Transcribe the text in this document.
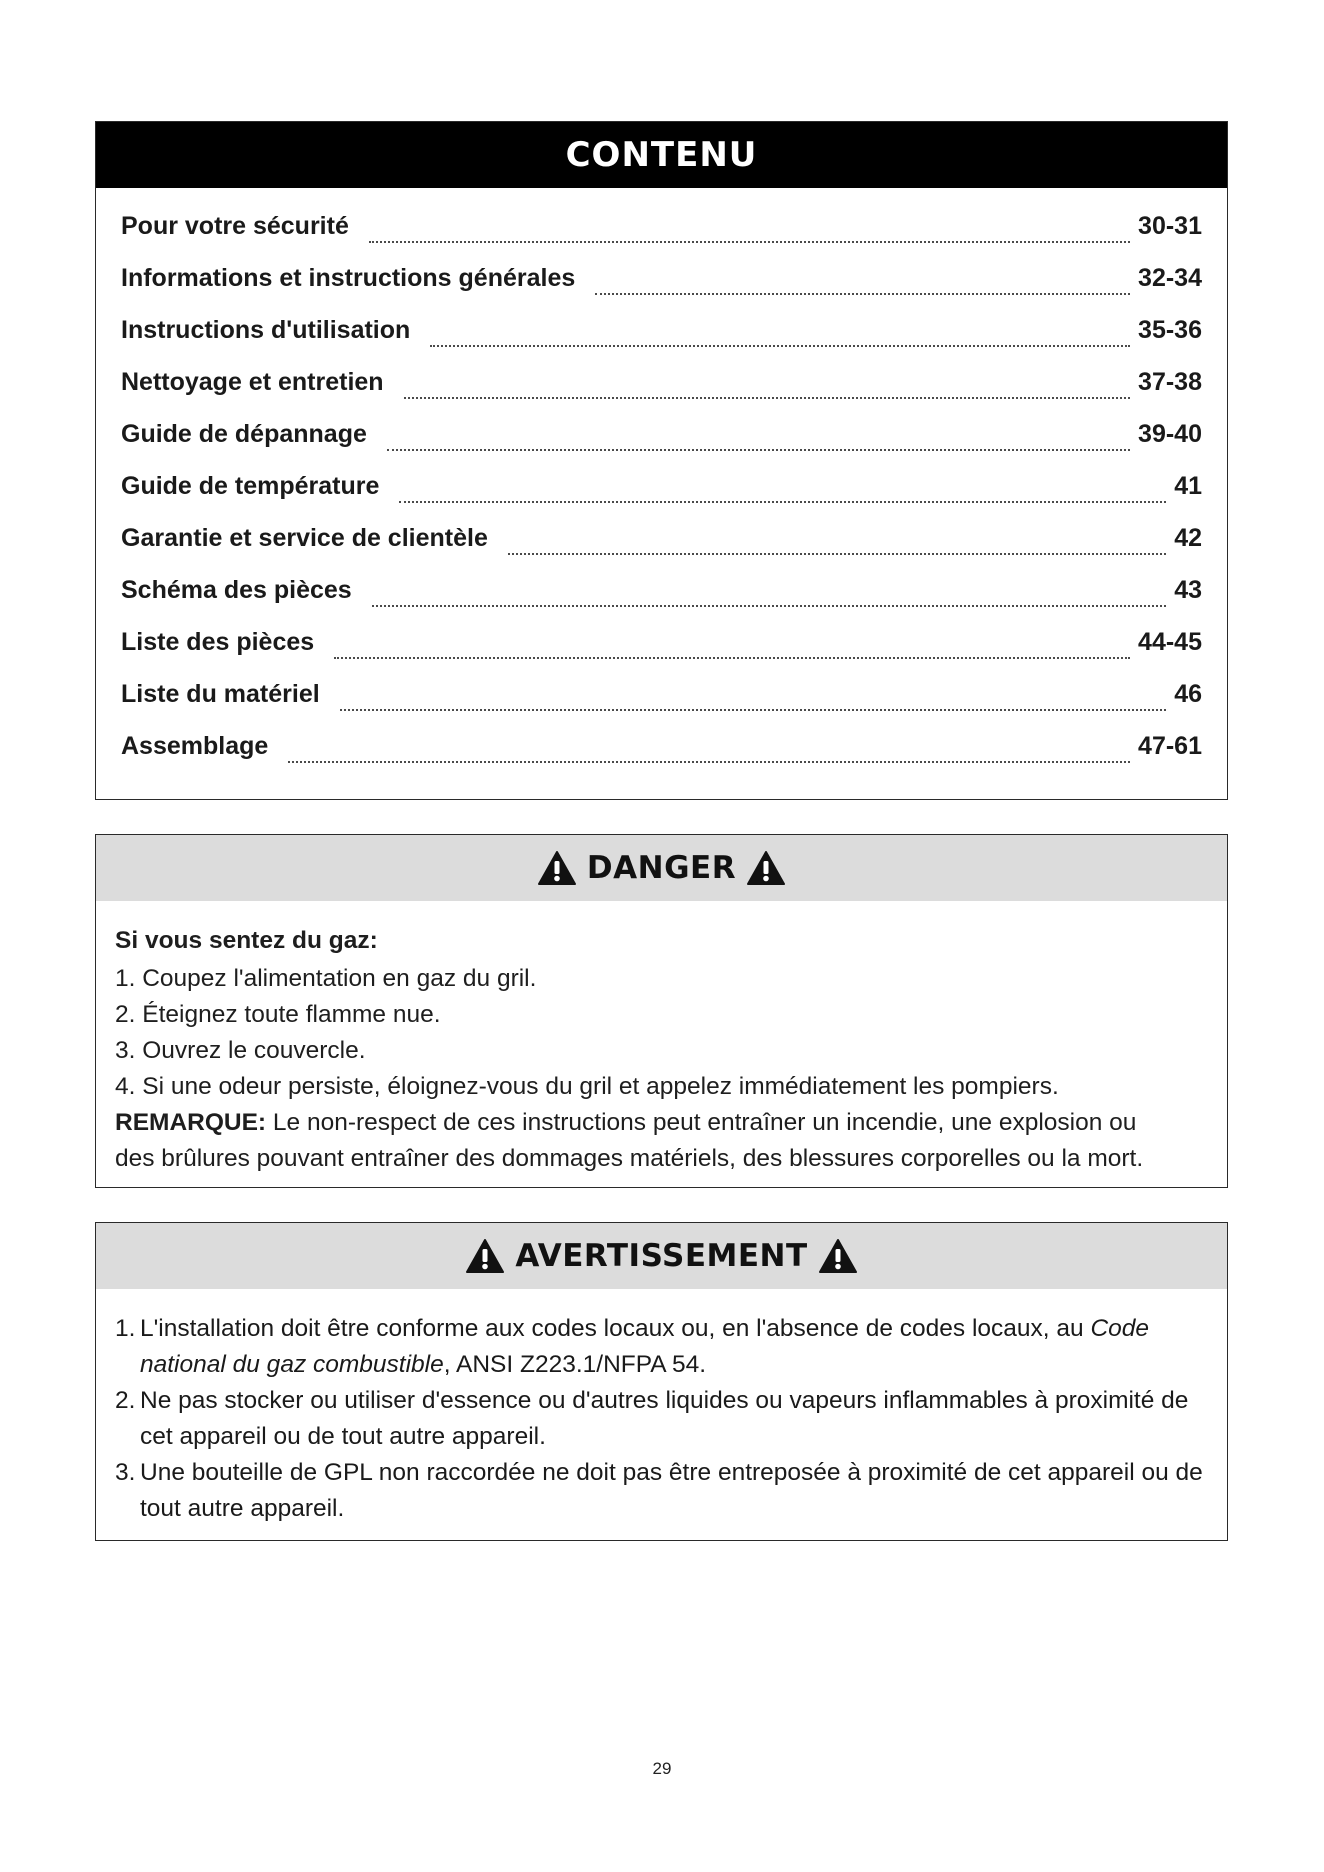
CONTENU
Pour votre sécurité	30-31
Informations et instructions générales	32-34
Instructions d'utilisation	35-36
Nettoyage et entretien	37-38
Guide de dépannage	39-40
Guide de température	41
Garantie et service de clientèle	42
Schéma des pièces	43
Liste des pièces	44-45
Liste du matériel	46
Assemblage	47-61
DANGER
Si vous sentez du gaz:
1. Coupez l'alimentation en gaz du gril.
2. Éteignez toute flamme nue.
3. Ouvrez le couvercle.
4. Si une odeur persiste, éloignez-vous du gril et appelez immédiatement les pompiers.
REMARQUE: Le non-respect de ces instructions peut entraîner un incendie, une explosion ou
des brûlures pouvant entraîner des dommages matériels, des blessures corporelles ou la mort.
AVERTISSEMENT
1. L'installation doit être conforme aux codes locaux ou, en l'absence de codes locaux, au Code national du gaz combustible, ANSI Z223.1/NFPA 54.
2. Ne pas stocker ou utiliser d'essence ou d'autres liquides ou vapeurs inflammables à proximité de cet appareil ou de tout autre appareil.
3. Une bouteille de GPL non raccordée ne doit pas être entreposée à proximité de cet appareil ou de tout autre appareil.
29
